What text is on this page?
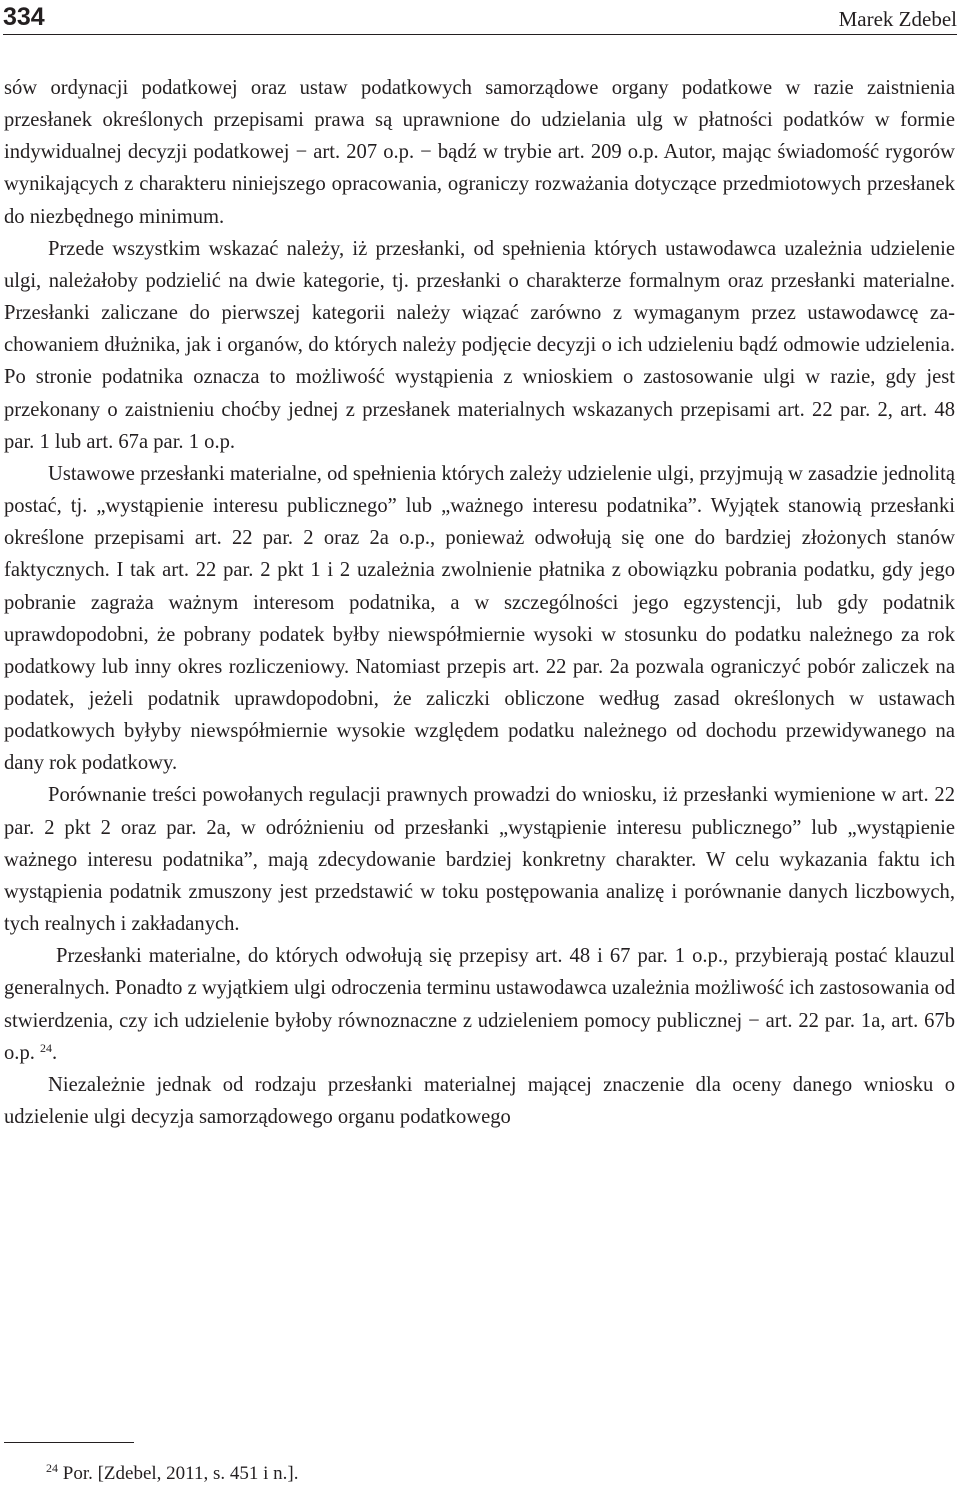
334	Marek Zdebel

sów ordynacji podatkowej oraz ustaw podatkowych samorządowe organy podatkowe w razie zaistnienia przesłanek określonych przepisami prawa są uprawnione do udzielania ulg w płatności podatków w formie indywidualnej decyzji podatkowej − art. 207 o.p. − bądź w trybie art. 209 o.p. Autor, mając świadomość rygorów wynikających z charakteru niniejszego opracowania, ograniczy rozważania dotyczące przedmiotowych przesłanek do niezbędnego minimum.

Przede wszystkim wskazać należy, iż przesłanki, od spełnienia których ustawodawca uzależnia udzielenie ulgi, należałoby podzielić na dwie kategorie, tj. przesłanki o charakterze formalnym oraz przesłanki materialne. Przesłanki zaliczane do pierwszej kategorii należy wiązać zarówno z wymaganym przez ustawodawcę zachowaniem dłużnika, jak i organów, do których należy podjęcie decyzji o ich udzieleniu bądź odmowie udzielenia. Po stronie podatnika oznacza to możliwość wystąpienia z wnioskiem o zastosowanie ulgi w razie, gdy jest przekonany o zaistnieniu choćby jednej z przesłanek materialnych wskazanych przepisami art. 22 par. 2, art. 48 par. 1 lub art. 67a par. 1 o.p.

Ustawowe przesłanki materialne, od spełnienia których zależy udzielenie ulgi, przyjmują w zasadzie jednolitą postać, tj. „wystąpienie interesu publicznego” lub „ważnego interesu podatnika”. Wyjątek stanowią przesłanki określone przepisami art. 22 par. 2 oraz 2a o.p., ponieważ odwołują się one do bardziej złożonych stanów faktycznych. I tak art. 22 par. 2 pkt 1 i 2 uzależnia zwolnienie płatnika z obowiązku pobrania podatku, gdy jego pobranie zagraża ważnym interesom podatnika, a w szczególności jego egzystencji, lub gdy podatnik uprawdopodobni, że pobrany podatek byłby niewspółmiernie wysoki w stosunku do podatku należnego za rok podatkowy lub inny okres rozliczeniowy. Natomiast przepis art. 22 par. 2a pozwala ograniczyć pobór zaliczek na podatek, jeżeli podatnik uprawdopodobni, że zaliczki obliczone według zasad określonych w ustawach podatkowych byłyby niewspółmiernie wysokie względem podatku należnego od dochodu przewidywanego na dany rok podatkowy.

Porównanie treści powołanych regulacji prawnych prowadzi do wniosku, iż przesłanki wymienione w art. 22 par. 2 pkt 2 oraz par. 2a, w odróżnieniu od przesłanki „wystąpienie interesu publicznego” lub „wystąpienie ważnego interesu podatnika”, mają zdecydowanie bardziej konkretny charakter. W celu wykazania faktu ich wystąpienia podatnik zmuszony jest przedstawić w toku postępowania analizę i porównanie danych liczbowych, tych realnych i zakładanych.

Przesłanki materialne, do których odwołują się przepisy art. 48 i 67 par. 1 o.p., przybierają postać klauzul generalnych. Ponadto z wyjątkiem ulgi odroczenia terminu ustawodawca uzależnia możliwość ich zastosowania od stwierdzenia, czy ich udzielenie byłoby równoznaczne z udzieleniem pomocy publicznej − art. 22 par. 1a, art. 67b o.p. $^{24}$.

Niezależnie jednak od rodzaju przesłanki materialnej mającej znaczenie dla oceny danego wniosku o udzielenie ulgi decyzja samorządowego organu podatkowego

$^{24}$ Por. [Zdebel, 2011, s. 451 i n.].
